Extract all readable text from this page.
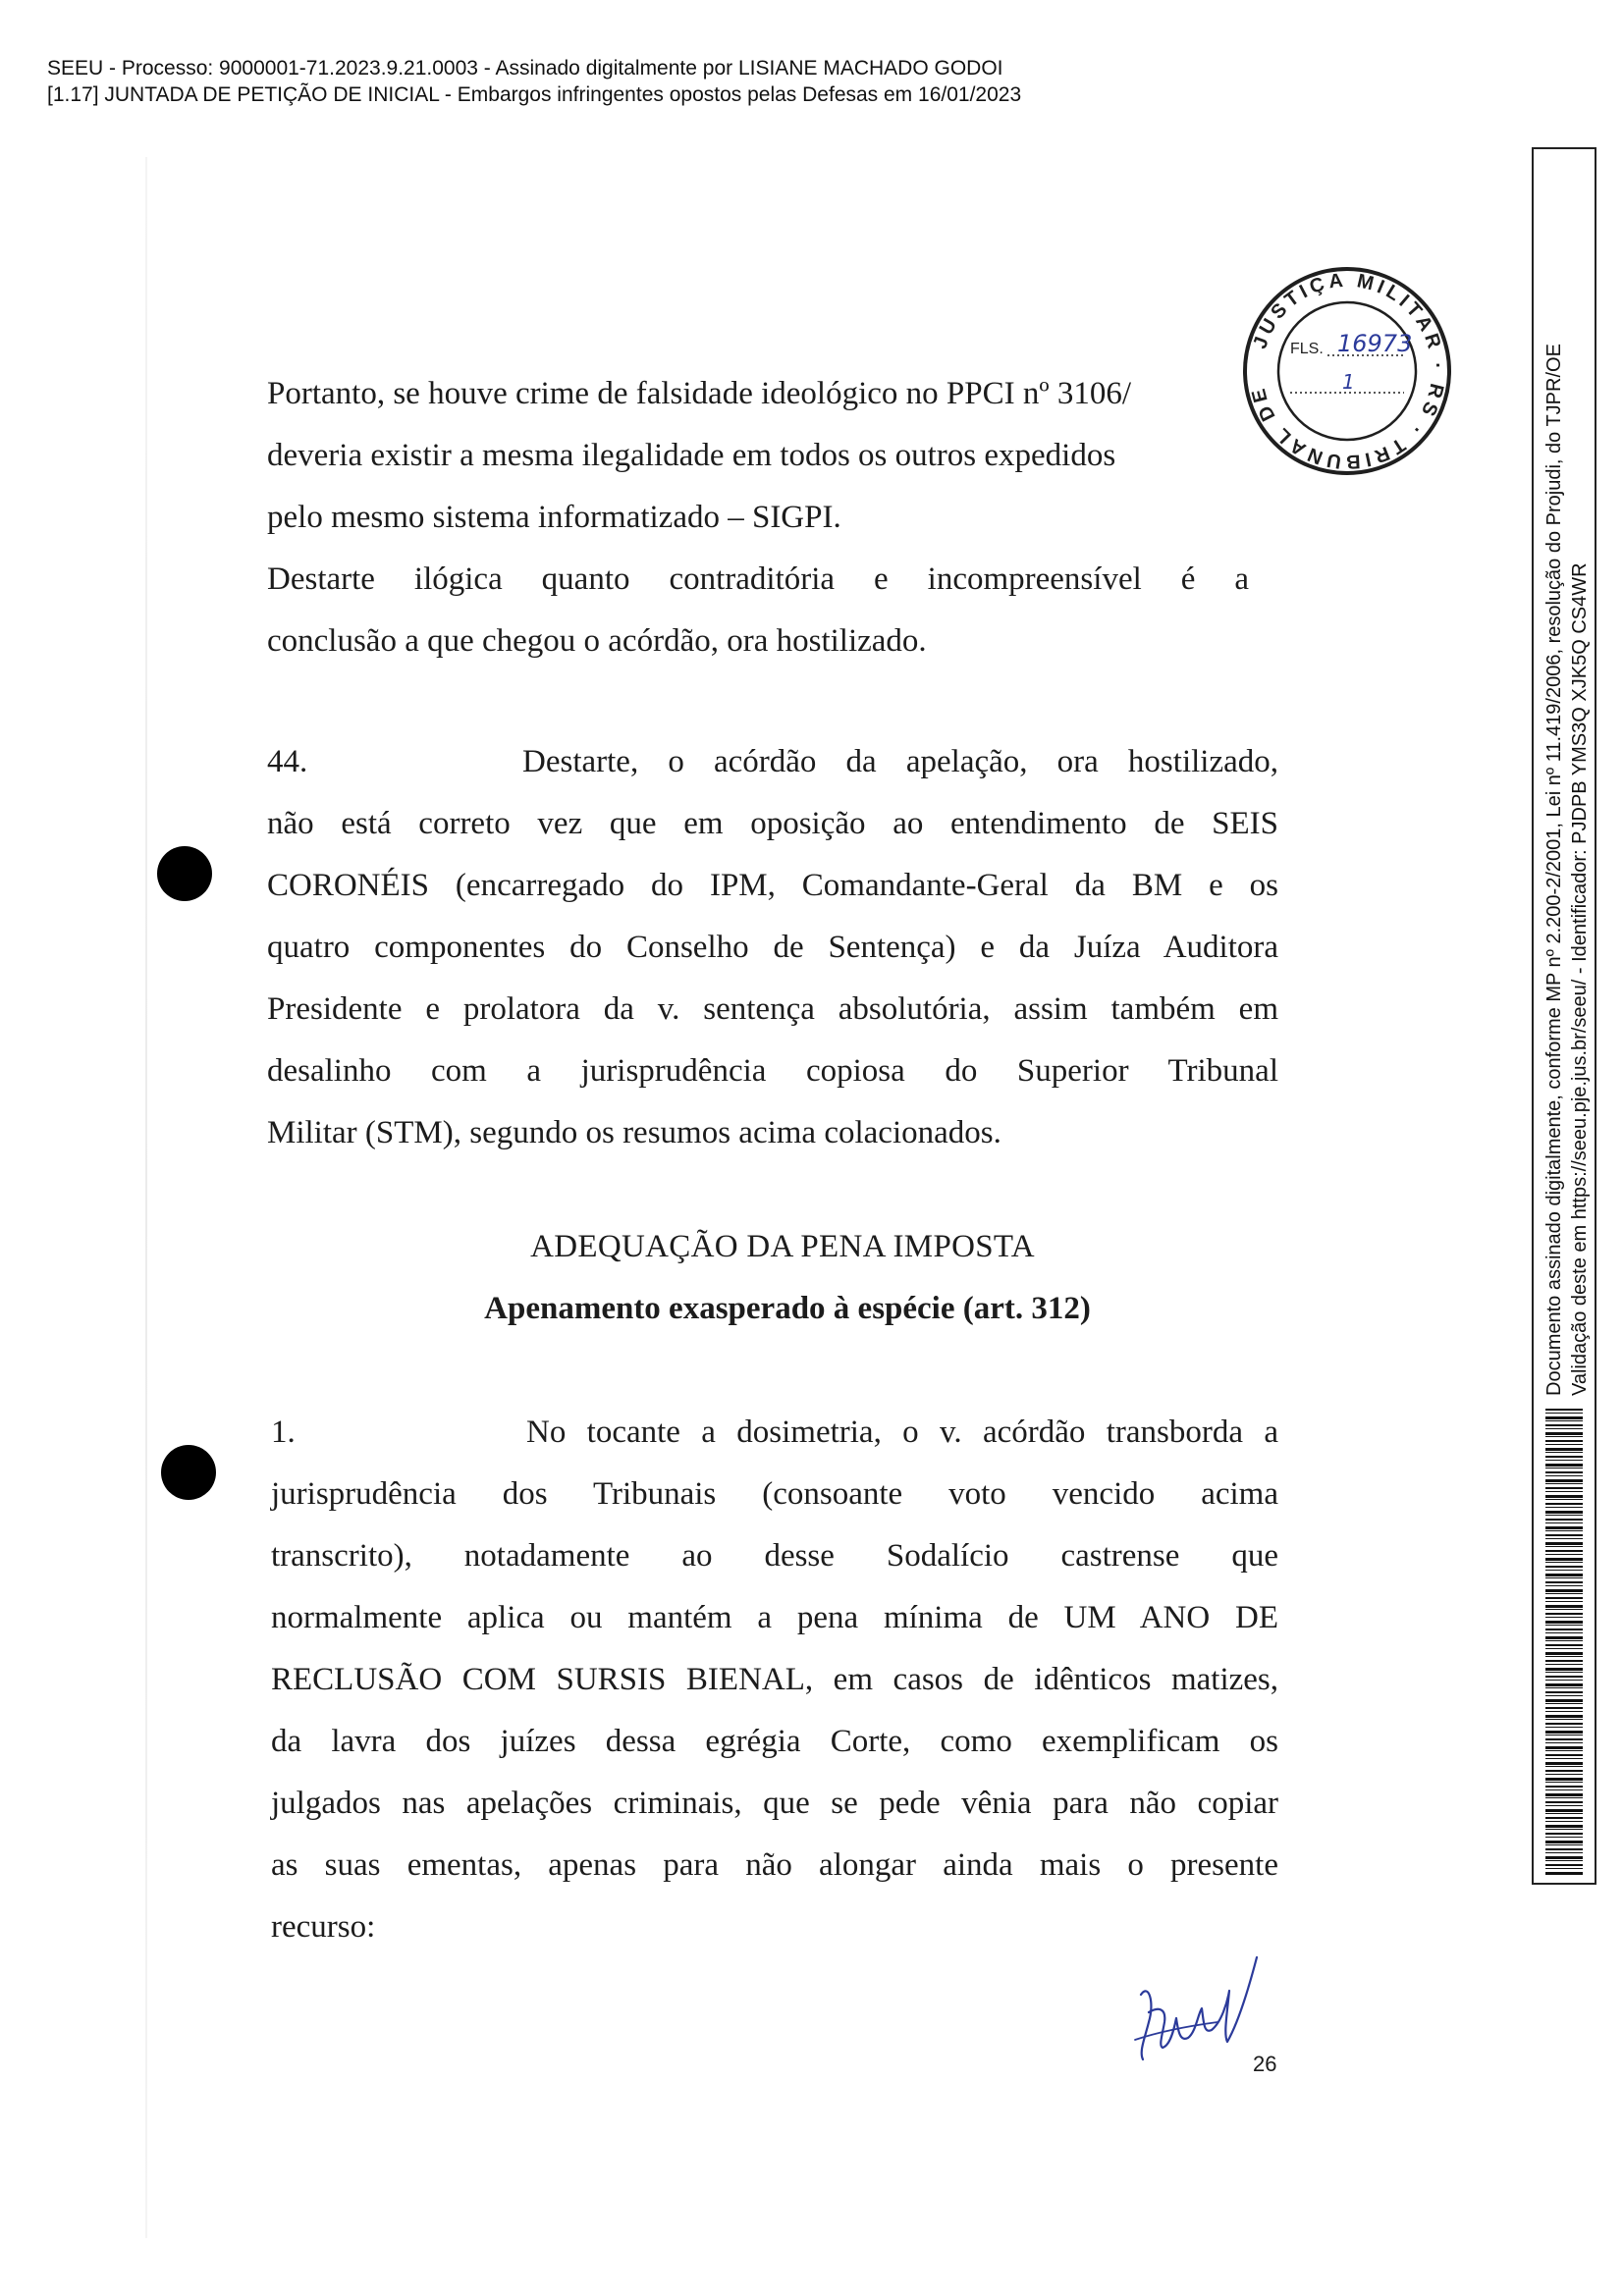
SEEU - Processo: 9000001-71.2023.9.21.0003 - Assinado digitalmente por LISIANE MACHADO GODOI
[1.17] JUNTADA DE PETIÇÃO DE INICIAL - Embargos infringentes opostos pelas Defesas em 16/01/2023
JUSTIÇA MILITAR · RS · TRIBUNAL DE
FLS. 16973
1
Portanto, se houve crime de falsidade ideológico no PPCI nº 3106/
deveria existir a mesma ilegalidade em todos os outros expedidos
pelo mesmo sistema informatizado – SIGPI.
Destarte ilógica quanto contraditória e incompreensível é a
conclusão a que chegou o acórdão, ora hostilizado.
44.	Destarte, o acórdão da apelação, ora hostilizado,
não está correto vez que em oposição ao entendimento de SEIS
CORONÉIS (encarregado do IPM, Comandante-Geral da BM e os
quatro componentes do Conselho de Sentença) e da Juíza Auditora
Presidente e prolatora da v. sentença absolutória, assim também em
desalinho com a jurisprudência copiosa do Superior Tribunal
Militar (STM), segundo os resumos acima colacionados.
ADEQUAÇÃO DA PENA IMPOSTA
Apenamento exasperado à espécie (art. 312)
1.	No tocante a dosimetria, o v. acórdão transborda a
jurisprudência dos Tribunais (consoante voto vencido acima
transcrito), notadamente ao desse Sodalício castrense que
normalmente aplica ou mantém a pena mínima de UM ANO DE
RECLUSÃO COM SURSIS BIENAL, em casos de idênticos matizes,
da lavra dos juízes dessa egrégia Corte, como exemplificam os
julgados nas apelações criminais, que se pede vênia para não copiar
as suas ementas, apenas para não alongar ainda mais o presente
recurso:
26
Documento assinado digitalmente, conforme MP nº 2.200-2/2001, Lei nº 11.419/2006, resolução do Projudi, do TJPR/OE Validação deste em https://seeu.pje.jus.br/seeu/ - Identificador: PJDPB YMS3Q XJK5Q CS4WR
